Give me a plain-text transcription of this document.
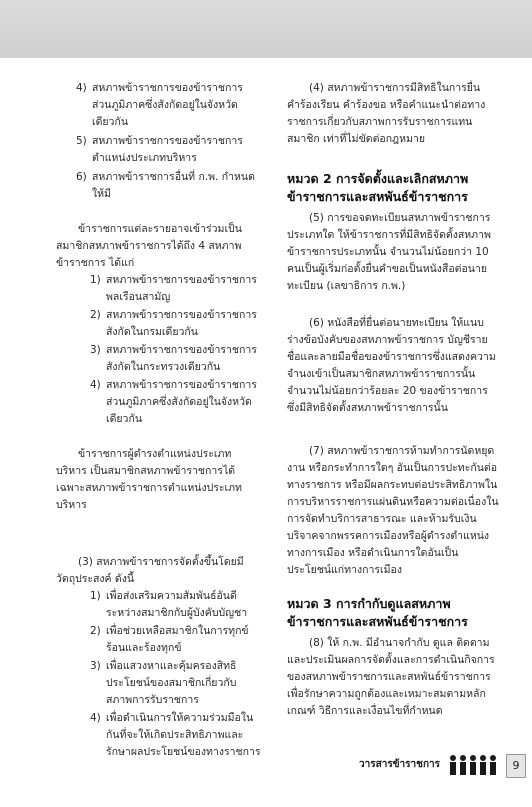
4) สหภาพข้าราชการของข้าราชการส่วนภูมิภาคซึ่งสังกัดอยู่ในจังหวัดเดียวกัน
5) สหภาพข้าราชการของข้าราชการตำแหน่งประเภทบริหาร
6) สหภาพข้าราชการอื่นที่ ก.พ. กำหนดให้มี

ข้าราชการแต่ละรายอาจเข้าร่วมเป็นสมาชิกสหภาพข้าราชการได้ถึง 4 สหภาพข้าราชการ ได้แก่

1) สหภาพข้าราชการของข้าราชการพลเรือนสามัญ
2) สหภาพข้าราชการของข้าราชการสังกัดในกรมเดียวกัน
3) สหภาพข้าราชการของข้าราชการสังกัดในกระทรวงเดียวกัน
4) สหภาพข้าราชการของข้าราชการส่วนภูมิภาคซึ่งสังกัดอยู่ในจังหวัดเดียวกัน

ข้าราชการผู้ดำรงตำแหน่งประเภทบริหาร เป็นสมาชิกสหภาพข้าราชการได้เฉพาะสหภาพข้าราชการตำแหน่งประเภทบริหาร

(3) สหภาพข้าราชการจัดตั้งขึ้นโดยมีวัตถุประสงค์ ดังนี้

1) เพื่อส่งเสริมความสัมพันธ์อันดีระหว่างสมาชิกกับผู้บังคับบัญชา
2) เพื่อช่วยเหลือสมาชิกในการทุกข์ร้อนและร้องทุกข์
3) เพื่อแสวงหาและคุ้มครองสิทธิประโยชน์ของสมาชิกเกี่ยวกับสภาพการรับราชการ
4) เพื่อดำเนินการให้ความร่วมมือในกันที่จะให้เกิดประสิทธิภาพและรักษาผลประโยชน์ของทางราชการ

(4) สหภาพข้าราชการมีสิทธิในการยื่นคำร้องเรียน คำร้องขอ หรือคำแนะนำต่อทางราชการเกี่ยวกับสภาพการรับราชการแทนสมาชิก เท่าที่ไม่ขัดต่อกฎหมาย

หมวด 2 การจัดตั้งและเลิกสหภาพข้าราชการและสหพันธ์ข้าราชการ

(5) การขอจดทะเบียนสหภาพข้าราชการประเภทใด ให้ข้าราชการที่มีสิทธิจัดตั้งสหภาพข้าราชการประเภทนั้น จำนวนไม่น้อยกว่า 10 คนเป็นผู้เริ่มก่อตั้งยื่นคำขอเป็นหนังสือต่อนายทะเบียน (เลขาธิการ ก.พ.)

(6) หนังสือที่ยื่นต่อนายทะเบียน ให้แนบร่างข้อบังคับของสหภาพข้าราชการ บัญชีรายชื่อและลายมือชื่อของข้าราชการซึ่งแสดงความจำนงเข้าเป็นสมาชิกสหภาพข้าราชการนั้น จำนวนไม่น้อยกว่าร้อยละ 20 ของข้าราชการซึ่งมีสิทธิจัดตั้งสหภาพข้าราชการนั้น

(7) สหภาพข้าราชการห้ามทำการนัดหยุดงาน หรือกระทำการใดๆ อันเป็นการปะทะกันต่อทางราชการ หรือมีผลกระทบต่อประสิทธิภาพในการบริหารราชการแผ่นดินหรือความต่อเนื่องในการจัดทำบริการสาธารณะ และห้ามรับเงินบริจาคจากพรรคการเมืองหรือผู้ดำรงตำแหน่งทางการเมือง หรือดำเนินการใดอันเป็นประโยชน์แก่ทางการเมือง

หมวด 3 การกำกับดูแลสหภาพข้าราชการและสหพันธ์ข้าราชการ

(8) ให้ ก.พ. มีอำนาจกำกับ ดูแล ติดตาม และประเมินผลการจัดตั้งและการดำเนินกิจการของสหภาพข้าราชการและสหพันธ์ข้าราชการ เพื่อรักษาความถูกต้องและเหมาะสมตามหลักเกณฑ์ วิธีการและเงื่อนไขที่กำหนด

วารสารข้าราชการ	9
